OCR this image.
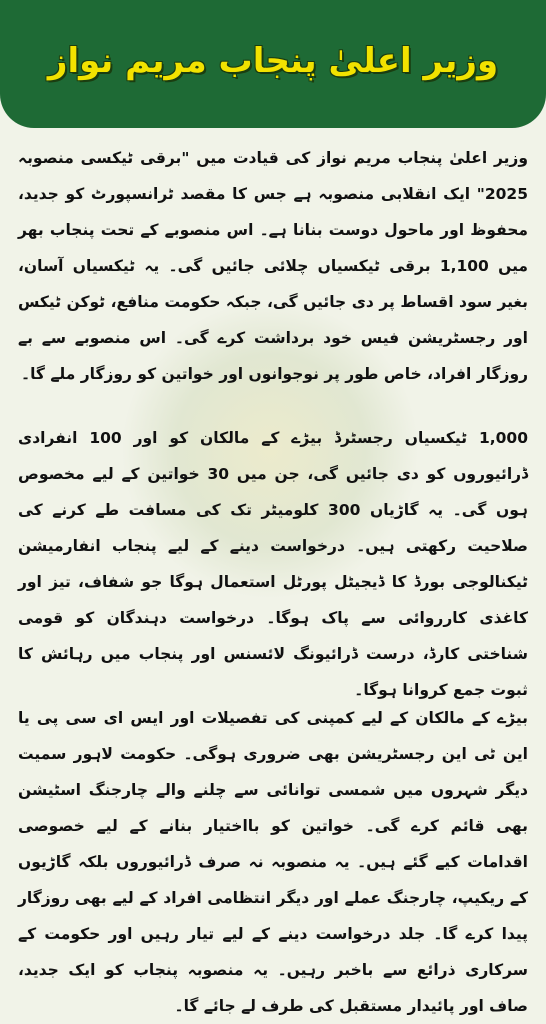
وزیر اعلیٰ پنجاب مریم نواز

وزیر اعلیٰ پنجاب مریم نواز کی قیادت میں "برقی ٹیکسی منصوبہ 2025" ایک انقلابی منصوبہ ہے جس کا مقصد ٹرانسپورٹ کو جدید، محفوظ اور ماحول دوست بنانا ہے۔ اس منصوبے کے تحت پنجاب بھر میں 1,100 برقی ٹیکسیاں چلائی جائیں گی۔ یہ ٹیکسیاں آسان، بغیر سود اقساط پر دی جائیں گی، جبکہ حکومت منافع، ٹوکن ٹیکس اور رجسٹریشن فیس خود برداشت کرے گی۔ اس منصوبے سے بے روزگار افراد، خاص طور پر نوجوانوں اور خواتین کو روزگار ملے گا۔

1,000 ٹیکسیاں رجسٹرڈ بیڑے کے مالکان کو اور 100 انفرادی ڈرائیوروں کو دی جائیں گی، جن میں 30 خواتین کے لیے مخصوص ہوں گی۔ یہ گاڑیاں 300 کلومیٹر تک کی مسافت طے کرنے کی صلاحیت رکھتی ہیں۔ درخواست دینے کے لیے پنجاب انفارمیشن ٹیکنالوجی بورڈ کا ڈیجیٹل پورٹل استعمال ہوگا جو شفاف، تیز اور کاغذی کارروائی سے پاک ہوگا۔ درخواست دہندگان کو قومی شناختی کارڈ، درست ڈرائیونگ لائسنس اور پنجاب میں رہائش کا ثبوت جمع کروانا ہوگا۔

بیڑے کے مالکان کے لیے کمپنی کی تفصیلات اور ایس ای سی پی یا این ٹی این رجسٹریشن بھی ضروری ہوگی۔ حکومت لاہور سمیت دیگر شہروں میں شمسی توانائی سے چلنے والے چارجنگ اسٹیشن بھی قائم کرے گی۔ خواتین کو بااختیار بنانے کے لیے خصوصی اقدامات کیے گئے ہیں۔ یہ منصوبہ نہ صرف ڈرائیوروں بلکہ گاڑیوں کے ریکیپ، چارجنگ عملے اور دیگر انتظامی افراد کے لیے بھی روزگار پیدا کرے گا۔ جلد درخواست دینے کے لیے تیار رہیں اور حکومت کے سرکاری ذرائع سے باخبر رہیں۔ یہ منصوبہ پنجاب کو ایک جدید، صاف اور پائیدار مستقبل کی طرف لے جائے گا۔
